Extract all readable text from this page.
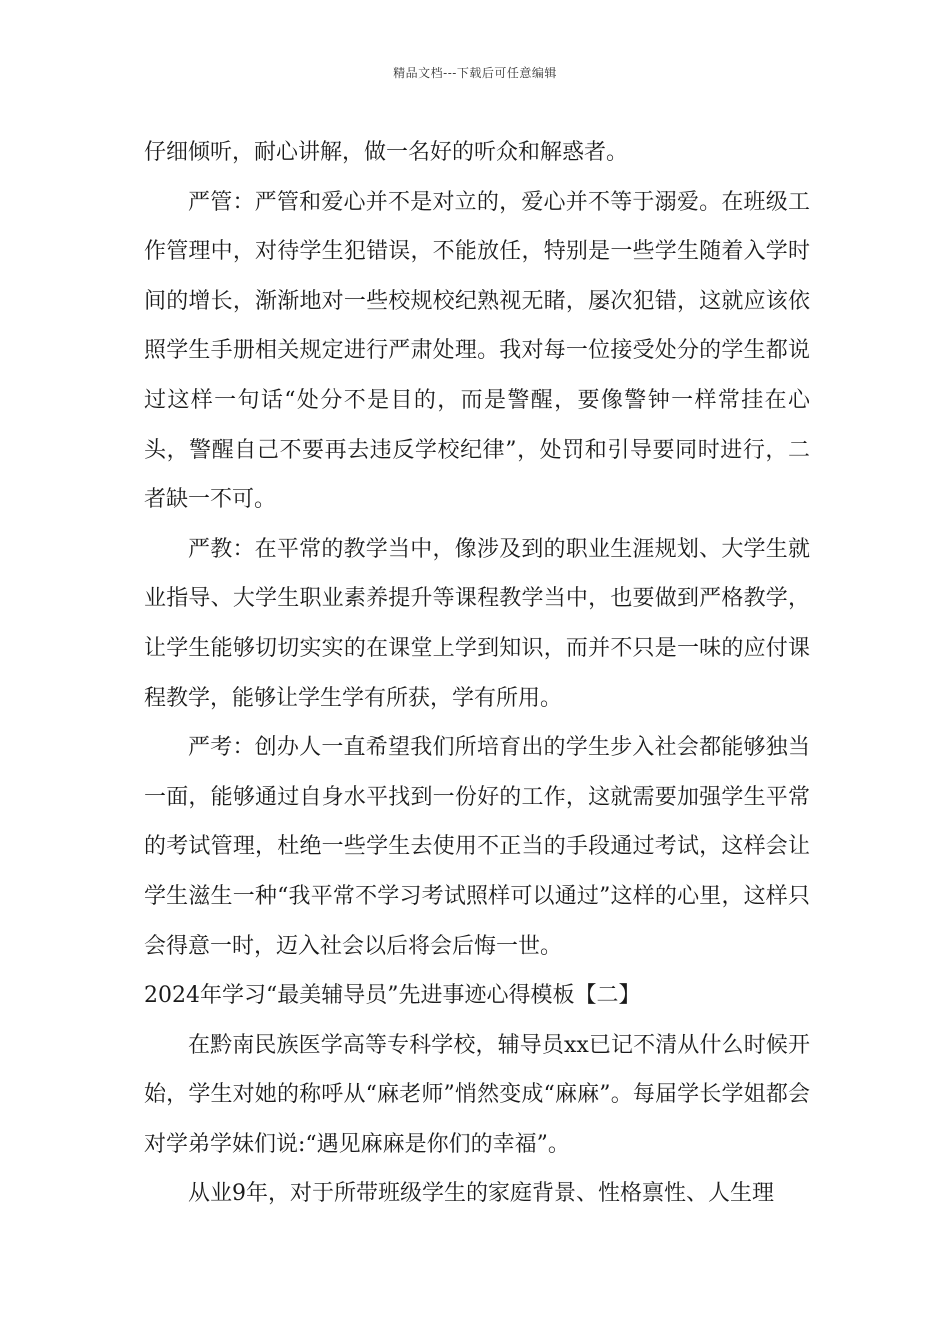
精品文档---下载后可任意编辑

仔细倾听，耐心讲解，做一名好的听众和解惑者。

严管：严管和爱心并不是对立的，爱心并不等于溺爱。在班级工作管理中，对待学生犯错误，不能放任，特别是一些学生随着入学时间的增长，渐渐地对一些校规校纪熟视无睹，屡次犯错，这就应该依照学生手册相关规定进行严肃处理。我对每一位接受处分的学生都说过这样一句话“处分不是目的，而是警醒，要像警钟一样常挂在心头，警醒自己不要再去违反学校纪律”，处罚和引导要同时进行，二者缺一不可。

严教：在平常的教学当中，像涉及到的职业生涯规划、大学生就业指导、大学生职业素养提升等课程教学当中，也要做到严格教学，让学生能够切切实实的在课堂上学到知识，而并不只是一味的应付课程教学，能够让学生学有所获，学有所用。

严考：创办人一直希望我们所培育出的学生步入社会都能够独当一面，能够通过自身水平找到一份好的工作，这就需要加强学生平常的考试管理，杜绝一些学生去使用不正当的手段通过考试，这样会让学生滋生一种“我平常不学习考试照样可以通过”这样的心里，这样只会得意一时，迈入社会以后将会后悔一世。

2024年学习“最美辅导员”先进事迹心得模板【二】

在黔南民族医学高等专科学校，辅导员xx已记不清从什么时候开始，学生对她的称呼从“麻老师”悄然变成“麻麻”。每届学长学姐都会对学弟学妹们说:“遇见麻麻是你们的幸福”。

从业9年，对于所带班级学生的家庭背景、性格禀性、人生理
